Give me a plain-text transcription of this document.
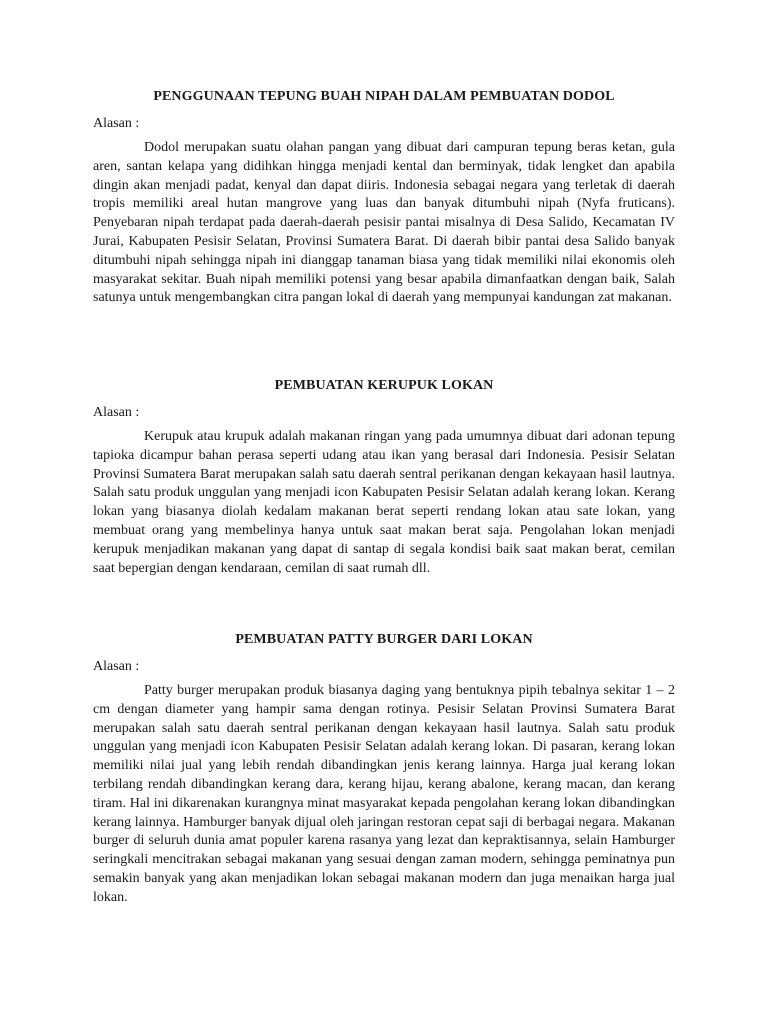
PENGGUNAAN TEPUNG BUAH NIPAH DALAM PEMBUATAN DODOL

Alasan :

Dodol merupakan suatu olahan pangan yang dibuat dari campuran tepung beras ketan, gula aren, santan kelapa yang didihkan hingga menjadi kental dan berminyak, tidak lengket dan apabila dingin akan menjadi padat, kenyal dan dapat diiris. Indonesia sebagai negara yang terletak di daerah tropis memiliki areal hutan mangrove yang luas dan banyak ditumbuhi nipah (Nyfa fruticans). Penyebaran nipah terdapat pada daerah-daerah pesisir pantai misalnya di Desa Salido, Kecamatan IV Jurai, Kabupaten Pesisir Selatan, Provinsi Sumatera Barat. Di daerah bibir pantai desa Salido banyak ditumbuhi nipah sehingga nipah ini dianggap tanaman biasa yang tidak memiliki nilai ekonomis oleh masyarakat sekitar. Buah nipah memiliki potensi yang besar apabila dimanfaatkan dengan baik, Salah satunya untuk mengembangkan citra pangan lokal di daerah yang mempunyai kandungan zat makanan.

PEMBUATAN KERUPUK LOKAN

Alasan :

Kerupuk atau krupuk adalah makanan ringan yang pada umumnya dibuat dari adonan tepung tapioka dicampur bahan perasa seperti udang atau ikan yang berasal dari Indonesia. Pesisir Selatan Provinsi Sumatera Barat merupakan salah satu daerah sentral perikanan dengan kekayaan hasil lautnya. Salah satu produk unggulan yang menjadi icon Kabupaten Pesisir Selatan adalah kerang lokan. Kerang lokan yang biasanya diolah kedalam makanan berat seperti rendang lokan atau sate lokan, yang membuat orang yang membelinya hanya untuk saat makan berat saja. Pengolahan lokan menjadi kerupuk menjadikan makanan yang dapat di santap di segala kondisi baik saat makan berat, cemilan saat bepergian dengan kendaraan, cemilan di saat rumah dll.

PEMBUATAN PATTY BURGER DARI LOKAN

Alasan :

Patty burger merupakan produk biasanya daging yang bentuknya pipih tebalnya sekitar 1 – 2 cm dengan diameter yang hampir sama dengan rotinya. Pesisir Selatan Provinsi Sumatera Barat merupakan salah satu daerah sentral perikanan dengan kekayaan hasil lautnya. Salah satu produk unggulan yang menjadi icon Kabupaten Pesisir Selatan adalah kerang lokan. Di pasaran, kerang lokan memiliki nilai jual yang lebih rendah dibandingkan jenis kerang lainnya. Harga jual kerang lokan terbilang rendah dibandingkan kerang dara, kerang hijau, kerang abalone, kerang macan, dan kerang tiram. Hal ini dikarenakan kurangnya minat masyarakat kepada pengolahan kerang lokan dibandingkan kerang lainnya. Hamburger banyak dijual oleh jaringan restoran cepat saji di berbagai negara. Makanan burger di seluruh dunia amat populer karena rasanya yang lezat dan kepraktisannya, selain Hamburger seringkali mencitrakan sebagai makanan yang sesuai dengan zaman modern, sehingga peminatnya pun semakin banyak yang akan menjadikan lokan sebagai makanan modern dan juga menaikan harga jual lokan.
